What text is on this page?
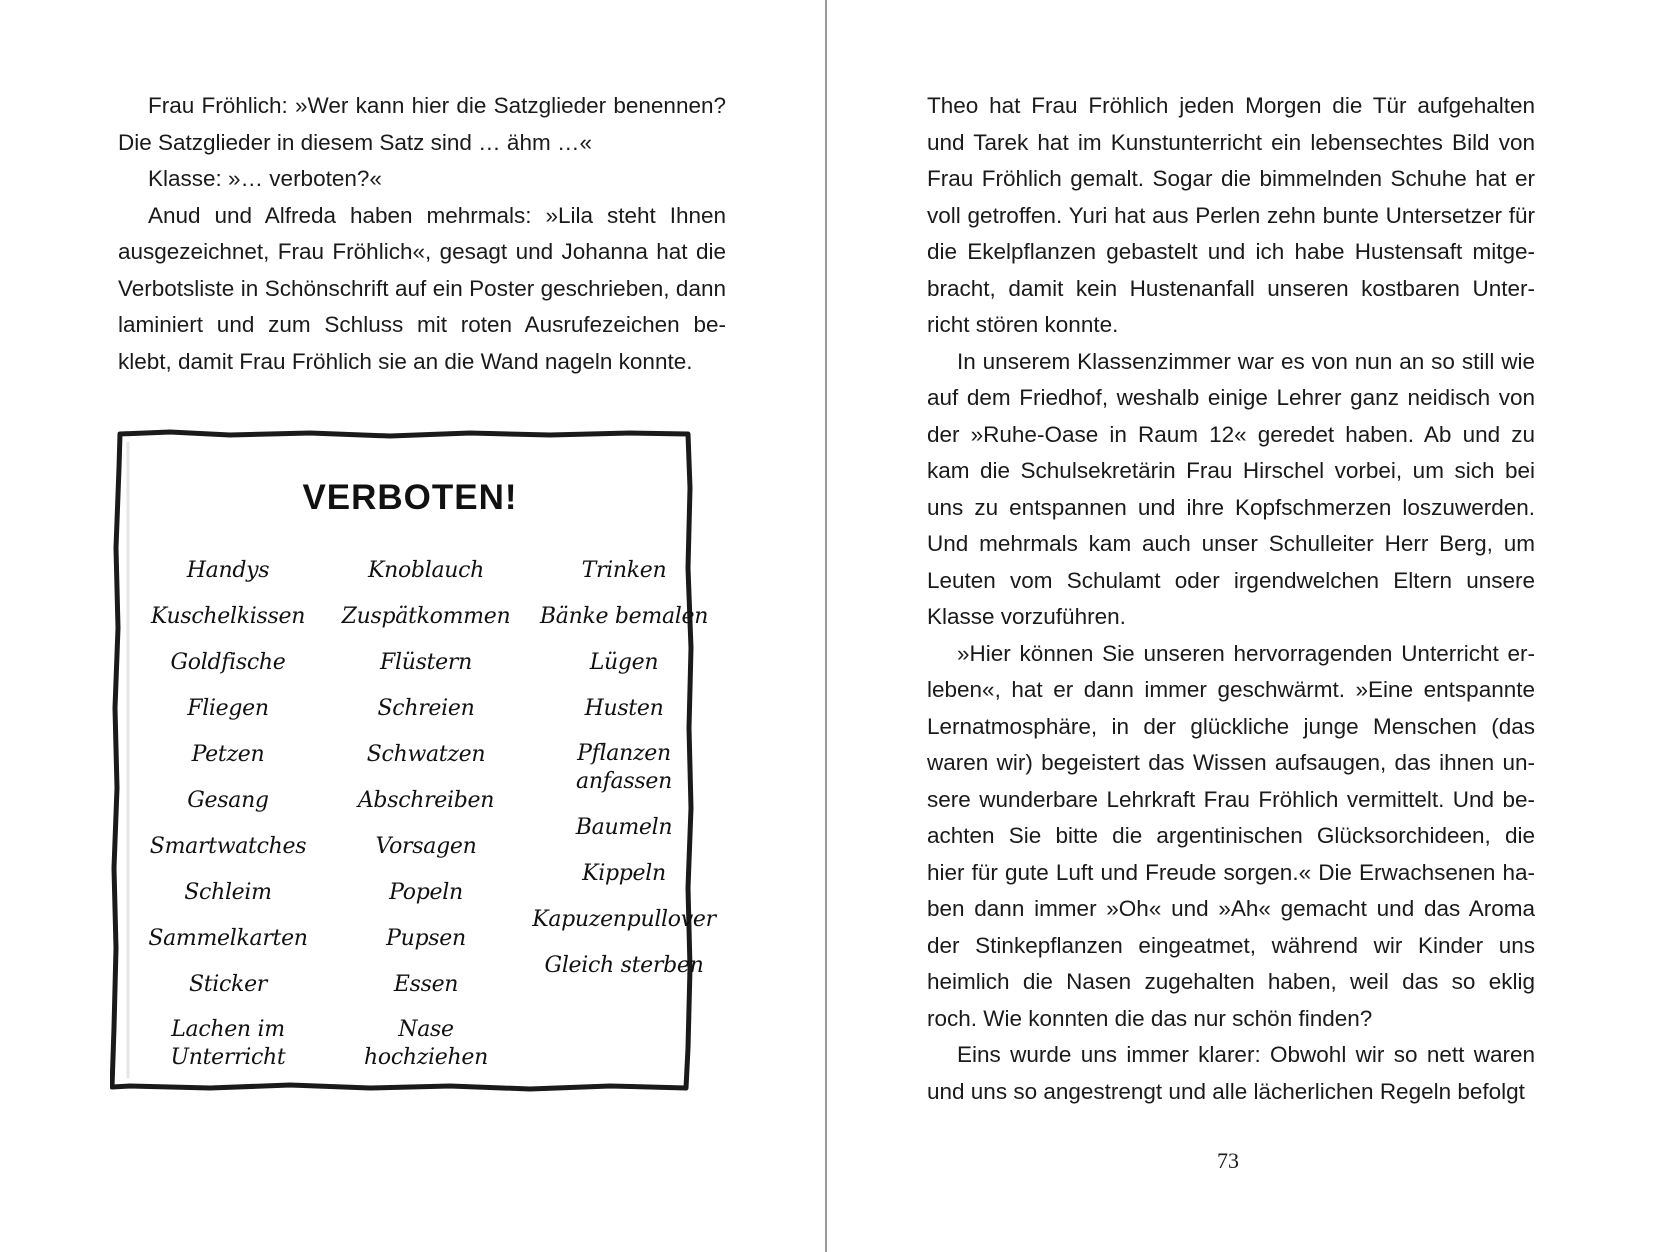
Frau Fröhlich: »Wer kann hier die Satzglieder benennen?
Die Satzglieder in diesem Satz sind … ähm …«

Klasse: »… verboten?«

Anud und Alfreda haben mehrmals: »Lila steht Ihnen
ausgezeichnet, Frau Fröhlich«, gesagt und Johanna hat die
Verbotsliste in Schönschrift auf ein Poster geschrieben, dann
laminiert und zum Schluss mit roten Ausrufezeichen be-
klebt, damit Frau Fröhlich sie an die Wand nageln konnte.

VERBOTEN!
Handys
Kuschelkissen
Goldfische
Fliegen
Petzen
Gesang
Smartwatches
Schleim
Sammelkarten
Sticker
Lachen im
Unterricht
Knoblauch
Zuspätkommen
Flüstern
Schreien
Schwatzen
Abschreiben
Vorsagen
Popeln
Pupsen
Essen
Nase
hochziehen
Trinken
Bänke bemalen
Lügen
Husten
Pflanzen
anfassen
Baumeln
Kippeln
Kapuzenpullover
Gleich sterben

Theo hat Frau Fröhlich jeden Morgen die Tür aufgehalten
und Tarek hat im Kunstunterricht ein lebensechtes Bild von
Frau Fröhlich gemalt. Sogar die bimmelnden Schuhe hat er
voll getroffen. Yuri hat aus Perlen zehn bunte Untersetzer für
die Ekelpflanzen gebastelt und ich habe Hustensaft mitge-
bracht, damit kein Hustenanfall unseren kostbaren Unter-
richt stören konnte.

In unserem Klassenzimmer war es von nun an so still wie
auf dem Friedhof, weshalb einige Lehrer ganz neidisch von
der »Ruhe-Oase in Raum 12« geredet haben. Ab und zu
kam die Schulsekretärin Frau Hirschel vorbei, um sich bei
uns zu entspannen und ihre Kopfschmerzen loszuwerden.
Und mehrmals kam auch unser Schulleiter Herr Berg, um
Leuten vom Schulamt oder irgendwelchen Eltern unsere
Klasse vorzuführen.

»Hier können Sie unseren hervorragenden Unterricht er-
leben«, hat er dann immer geschwärmt. »Eine entspannte
Lernatmosphäre, in der glückliche junge Menschen (das
waren wir) begeistert das Wissen aufsaugen, das ihnen un-
sere wunderbare Lehrkraft Frau Fröhlich vermittelt. Und be-
achten Sie bitte die argentinischen Glücksorchideen, die
hier für gute Luft und Freude sorgen.« Die Erwachsenen ha-
ben dann immer »Oh« und »Ah« gemacht und das Aroma
der Stinkepflanzen eingeatmet, während wir Kinder uns
heimlich die Nasen zugehalten haben, weil das so eklig
roch. Wie konnten die das nur schön finden?

Eins wurde uns immer klarer: Obwohl wir so nett waren
und uns so angestrengt und alle lächerlichen Regeln befolgt

73
